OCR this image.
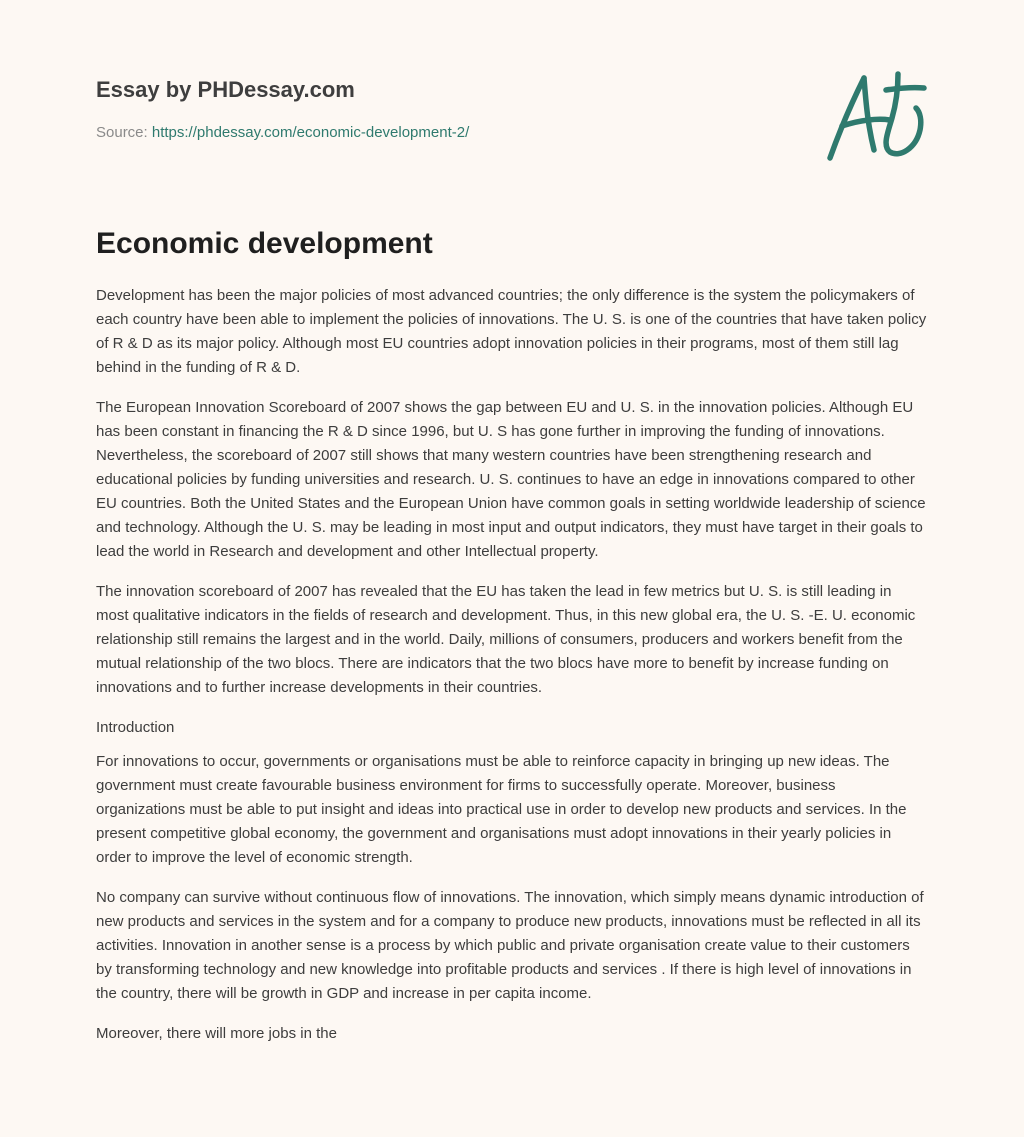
Essay by PHDessay.com
Source: https://phdessay.com/economic-development-2/
Economic development

Development has been the major policies of most advanced countries; the only difference is the system the policymakers of each country have been able to implement the policies of innovations. The U. S. is one of the countries that have taken policy of R & D as its major policy. Although most EU countries adopt innovation policies in their programs, most of them still lag behind in the funding of R & D.

The European Innovation Scoreboard of 2007 shows the gap between EU and U. S. in the innovation policies. Although EU has been constant in financing the R & D since 1996, but U. S has gone further in improving the funding of innovations. Nevertheless, the scoreboard of 2007 still shows that many western countries have been strengthening research and educational policies by funding universities and research. U. S. continues to have an edge in innovations compared to other EU countries. Both the United States and the European Union have common goals in setting worldwide leadership of science and technology. Although the U. S. may be leading in most input and output indicators, they must have target in their goals to lead the world in Research and development and other Intellectual property.

The innovation scoreboard of 2007 has revealed that the EU has taken the lead in few metrics but U. S. is still leading in most qualitative indicators in the fields of research and development. Thus, in this new global era, the U. S. -E. U. economic relationship still remains the largest and in the world. Daily, millions of consumers, producers and workers benefit from the mutual relationship of the two blocs. There are indicators that the two blocs have more to benefit by increase funding on innovations and to further increase developments in their countries.

Introduction

For innovations to occur, governments or organisations must be able to reinforce capacity in bringing up new ideas. The government must create favourable business environment for firms to successfully operate. Moreover, business organizations must be able to put insight and ideas into practical use in order to develop new products and services. In the present competitive global economy, the government and organisations must adopt innovations in their yearly policies in order to improve the level of economic strength.

No company can survive without continuous flow of innovations. The innovation, which simply means dynamic introduction of new products and services in the system and for a company to produce new products, innovations must be reflected in all its activities. Innovation in another sense is a process by which public and private organisation create value to their customers by transforming technology and new knowledge into profitable products and services . If there is high level of innovations in the country, there will be growth in GDP and increase in per capita income.

Moreover, there will more jobs in the
